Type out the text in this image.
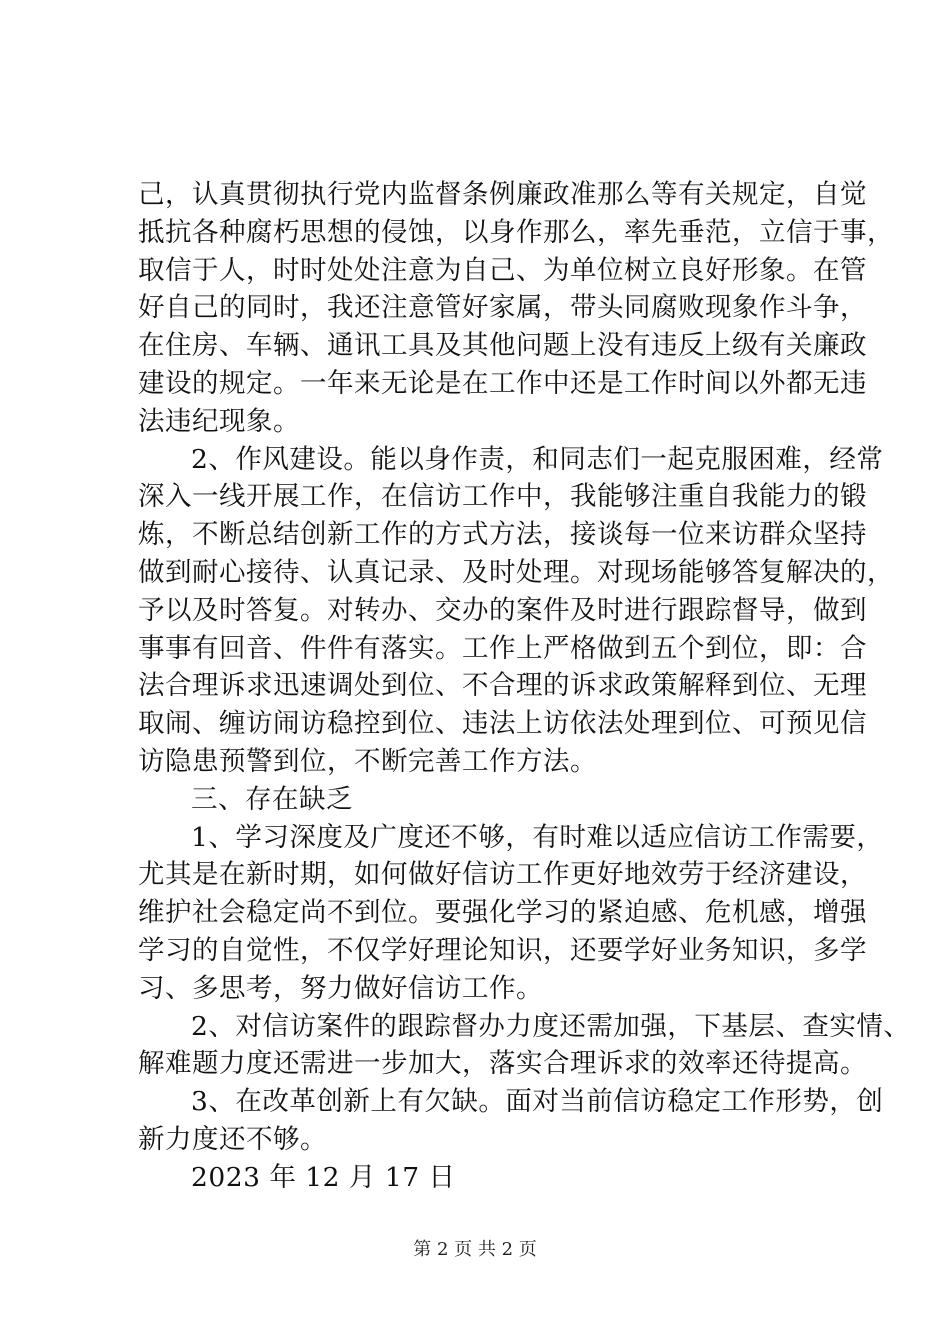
己，认真贯彻执行党内监督条例廉政准那么等有关规定，自觉
抵抗各种腐朽思想的侵蚀，以身作那么，率先垂范，立信于事，
取信于人，时时处处注意为自己、为单位树立良好形象。在管
好自己的同时，我还注意管好家属，带头同腐败现象作斗争，
在住房、车辆、通讯工具及其他问题上没有违反上级有关廉政
建设的规定。一年来无论是在工作中还是工作时间以外都无违
法违纪现象。
2、作风建设。能以身作责，和同志们一起克服困难，经常
深入一线开展工作，在信访工作中，我能够注重自我能力的锻
炼，不断总结创新工作的方式方法，接谈每一位来访群众坚持
做到耐心接待、认真记录、及时处理。对现场能够答复解决的，
予以及时答复。对转办、交办的案件及时进行跟踪督导，做到
事事有回音、件件有落实。工作上严格做到五个到位，即：合
法合理诉求迅速调处到位、不合理的诉求政策解释到位、无理
取闹、缠访闹访稳控到位、违法上访依法处理到位、可预见信
访隐患预警到位，不断完善工作方法。
三、存在缺乏
1、学习深度及广度还不够，有时难以适应信访工作需要，
尤其是在新时期，如何做好信访工作更好地效劳于经济建设，
维护社会稳定尚不到位。要强化学习的紧迫感、危机感，增强
学习的自觉性，不仅学好理论知识，还要学好业务知识，多学
习、多思考，努力做好信访工作。
2、对信访案件的跟踪督办力度还需加强，下基层、查实情、
解难题力度还需进一步加大，落实合理诉求的效率还待提高。
3、在改革创新上有欠缺。面对当前信访稳定工作形势，创
新力度还不够。
2023 年 12 月 17 日
第 2 页 共 2 页
